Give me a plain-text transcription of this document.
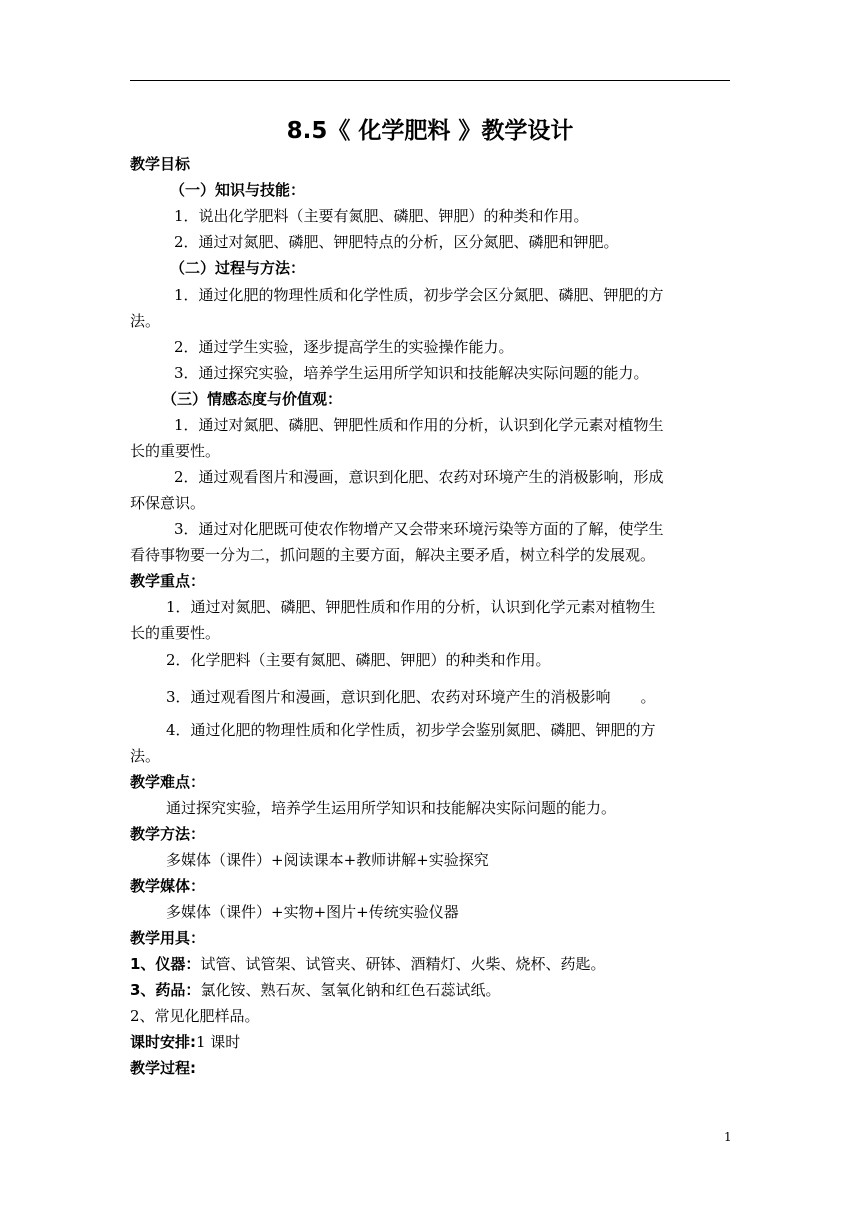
8.5《 化学肥料 》教学设计
教学目标
（一）知识与技能：
1．说出化学肥料（主要有氮肥、磷肥、钾肥）的种类和作用。
2．通过对氮肥、磷肥、钾肥特点的分析，区分氮肥、磷肥和钾肥。
（二）过程与方法：
1．通过化肥的物理性质和化学性质，初步学会区分氮肥、磷肥、钾肥的方
法。
2．通过学生实验，逐步提高学生的实验操作能力。
3．通过探究实验，培养学生运用所学知识和技能解决实际问题的能力。
（三）情感态度与价值观：
1．通过对氮肥、磷肥、钾肥性质和作用的分析，认识到化学元素对植物生
长的重要性。
2．通过观看图片和漫画，意识到化肥、农药对环境产生的消极影响，形成
环保意识。
3．通过对化肥既可使农作物增产又会带来环境污染等方面的了解，使学生
看待事物要一分为二，抓问题的主要方面，解决主要矛盾，树立科学的发展观。
教学重点：
1．通过对氮肥、磷肥、钾肥性质和作用的分析，认识到化学元素对植物生
长的重要性。
2．化学肥料（主要有氮肥、磷肥、钾肥）的种类和作用。
3．通过观看图片和漫画，意识到化肥、农药对环境产生的消极影响　　。
4．通过化肥的物理性质和化学性质，初步学会鉴别氮肥、磷肥、钾肥的方
法。
教学难点：
通过探究实验，培养学生运用所学知识和技能解决实际问题的能力。
教学方法：
多媒体（课件）+阅读课本+教师讲解+实验探究
教学媒体：
多媒体（课件）+实物+图片+传统实验仪器
教学用具：
1、仪器：试管、试管架、试管夹、研钵、酒精灯、火柴、烧杯、药匙。
3、药品：氯化铵、熟石灰、氢氧化钠和红色石蕊试纸。
2、常见化肥样品。
课时安排:1 课时
教学过程:
1
